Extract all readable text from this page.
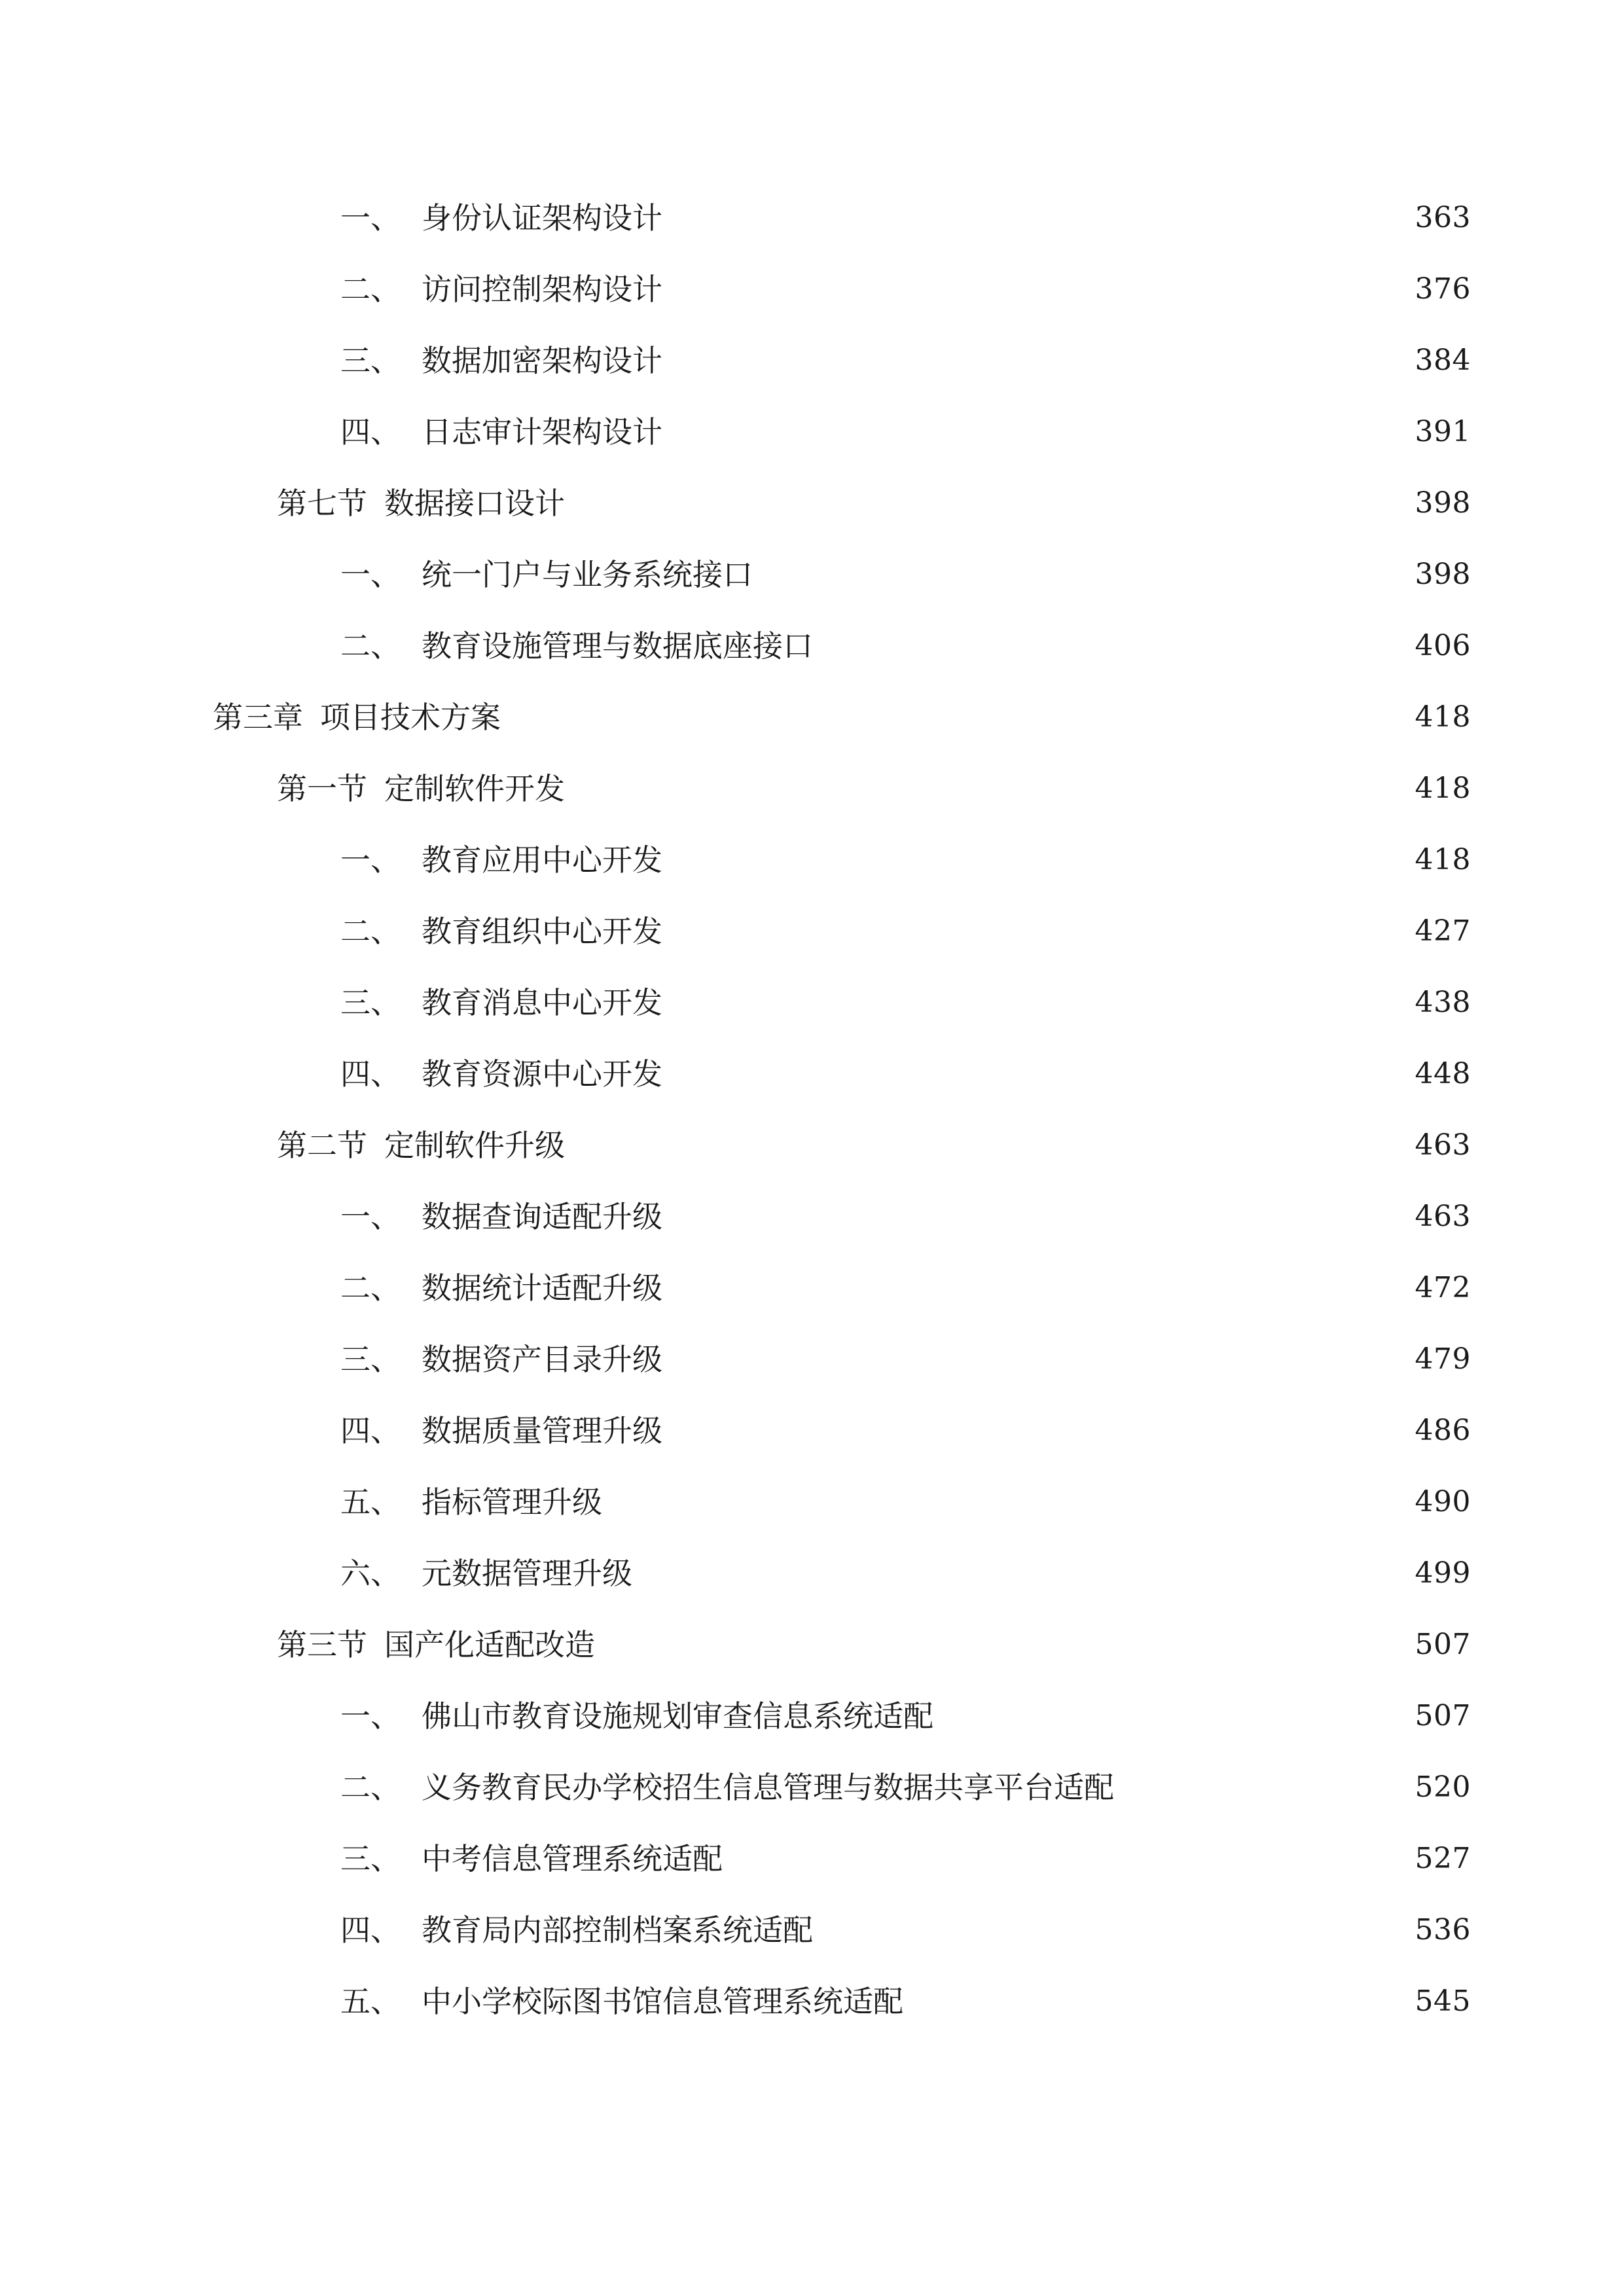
一、 身份认证架构设计	363
二、 访问控制架构设计	376
三、 数据加密架构设计	384
四、 日志审计架构设计	391
第七节 数据接口设计	398
一、 统一门户与业务系统接口	398
二、 教育设施管理与数据底座接口	406
第三章 项目技术方案	418
第一节 定制软件开发	418
一、 教育应用中心开发	418
二、 教育组织中心开发	427
三、 教育消息中心开发	438
四、 教育资源中心开发	448
第二节 定制软件升级	463
一、 数据查询适配升级	463
二、 数据统计适配升级	472
三、 数据资产目录升级	479
四、 数据质量管理升级	486
五、 指标管理升级	490
六、 元数据管理升级	499
第三节 国产化适配改造	507
一、 佛山市教育设施规划审查信息系统适配	507
二、 义务教育民办学校招生信息管理与数据共享平台适配	520
三、 中考信息管理系统适配	527
四、 教育局内部控制档案系统适配	536
五、 中小学校际图书馆信息管理系统适配	545
